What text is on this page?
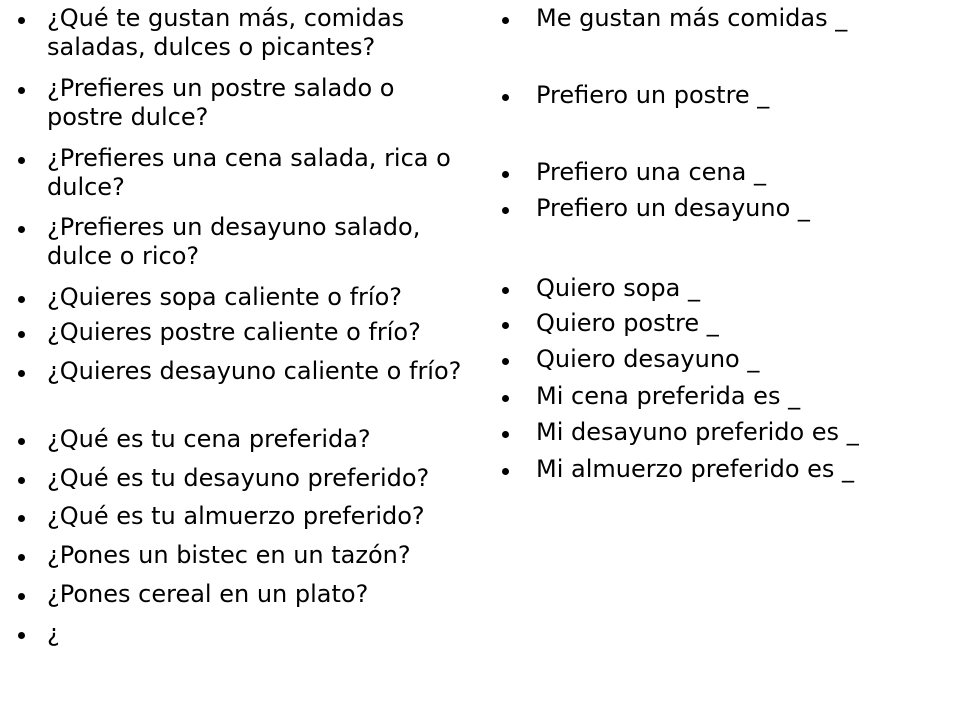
¿Qué te gustan más, comidas saladas, dulces o picantes?
¿Prefieres un postre salado o postre dulce?
¿Prefieres una cena salada, rica o dulce?
¿Prefieres un desayuno salado, dulce o rico?
¿Quieres sopa caliente o frío?
¿Quieres postre caliente o frío?
¿Quieres desayuno caliente o frío?
¿Qué es tu cena preferida?
¿Qué es tu desayuno preferido?
¿Qué es tu almuerzo preferido?
¿Pones un bistec en un tazón?
¿Pones cereal en un plato?
¿
Me gustan más comidas _
Prefiero un postre _
Prefiero una cena _
Prefiero un desayuno _
Quiero sopa _
Quiero postre _
Quiero desayuno _
Mi cena preferida es _
Mi desayuno preferido es _
Mi almuerzo preferido es _
